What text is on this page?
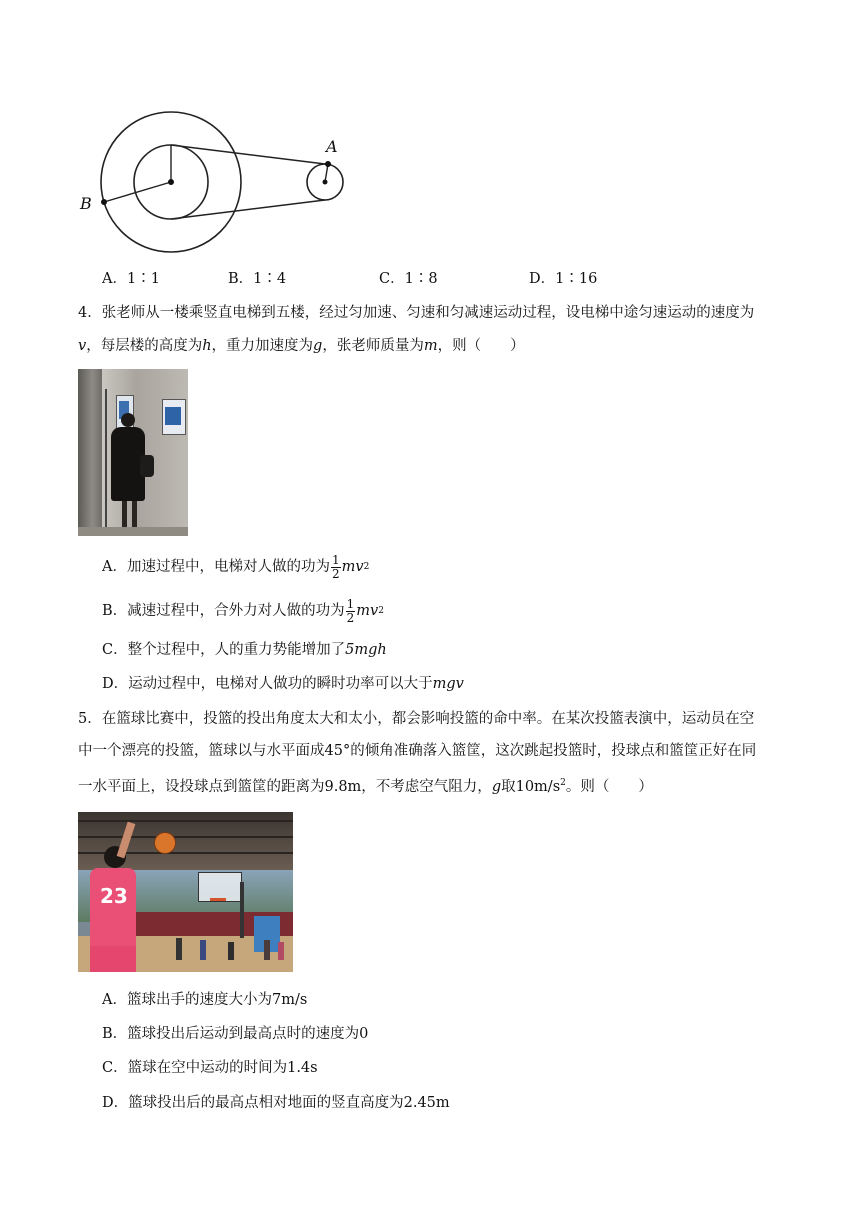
A
B
A．1∶1	B．1∶4	C．1∶8	D．1∶16
4．张老师从一楼乘竖直电梯到五楼，经过匀加速、匀速和匀减速运动过程，设电梯中途匀速运动的速度为
v，每层楼的高度为h，重力加速度为g，张老师质量为m，则（　　）
A．加速过程中，电梯对人做的功为 $\frac{1}{2}$ mv 2
B．减速过程中，合外力对人做的功为 $\frac{1}{2}$ mv 2
C．整个过程中，人的重力势能增加了5mgh
D．运动过程中，电梯对人做功的瞬时功率可以大于mgv
5．在篮球比赛中，投篮的投出角度太大和太小，都会影响投篮的命中率。在某次投篮表演中，运动员在空
中一个漂亮的投篮，篮球以与水平面成45°的倾角准确落入篮筐，这次跳起投篮时，投球点和篮筐正好在同
一水平面上，设投球点到篮筐的距离为9.8m，不考虑空气阻力，g取$10m/s^2$。则（　　）
23
A．篮球出手的速度大小为7m/s
B．篮球投出后运动到最高点时的速度为0
C．篮球在空中运动的时间为1.4s
D．篮球投出后的最高点相对地面的竖直高度为2.45m
